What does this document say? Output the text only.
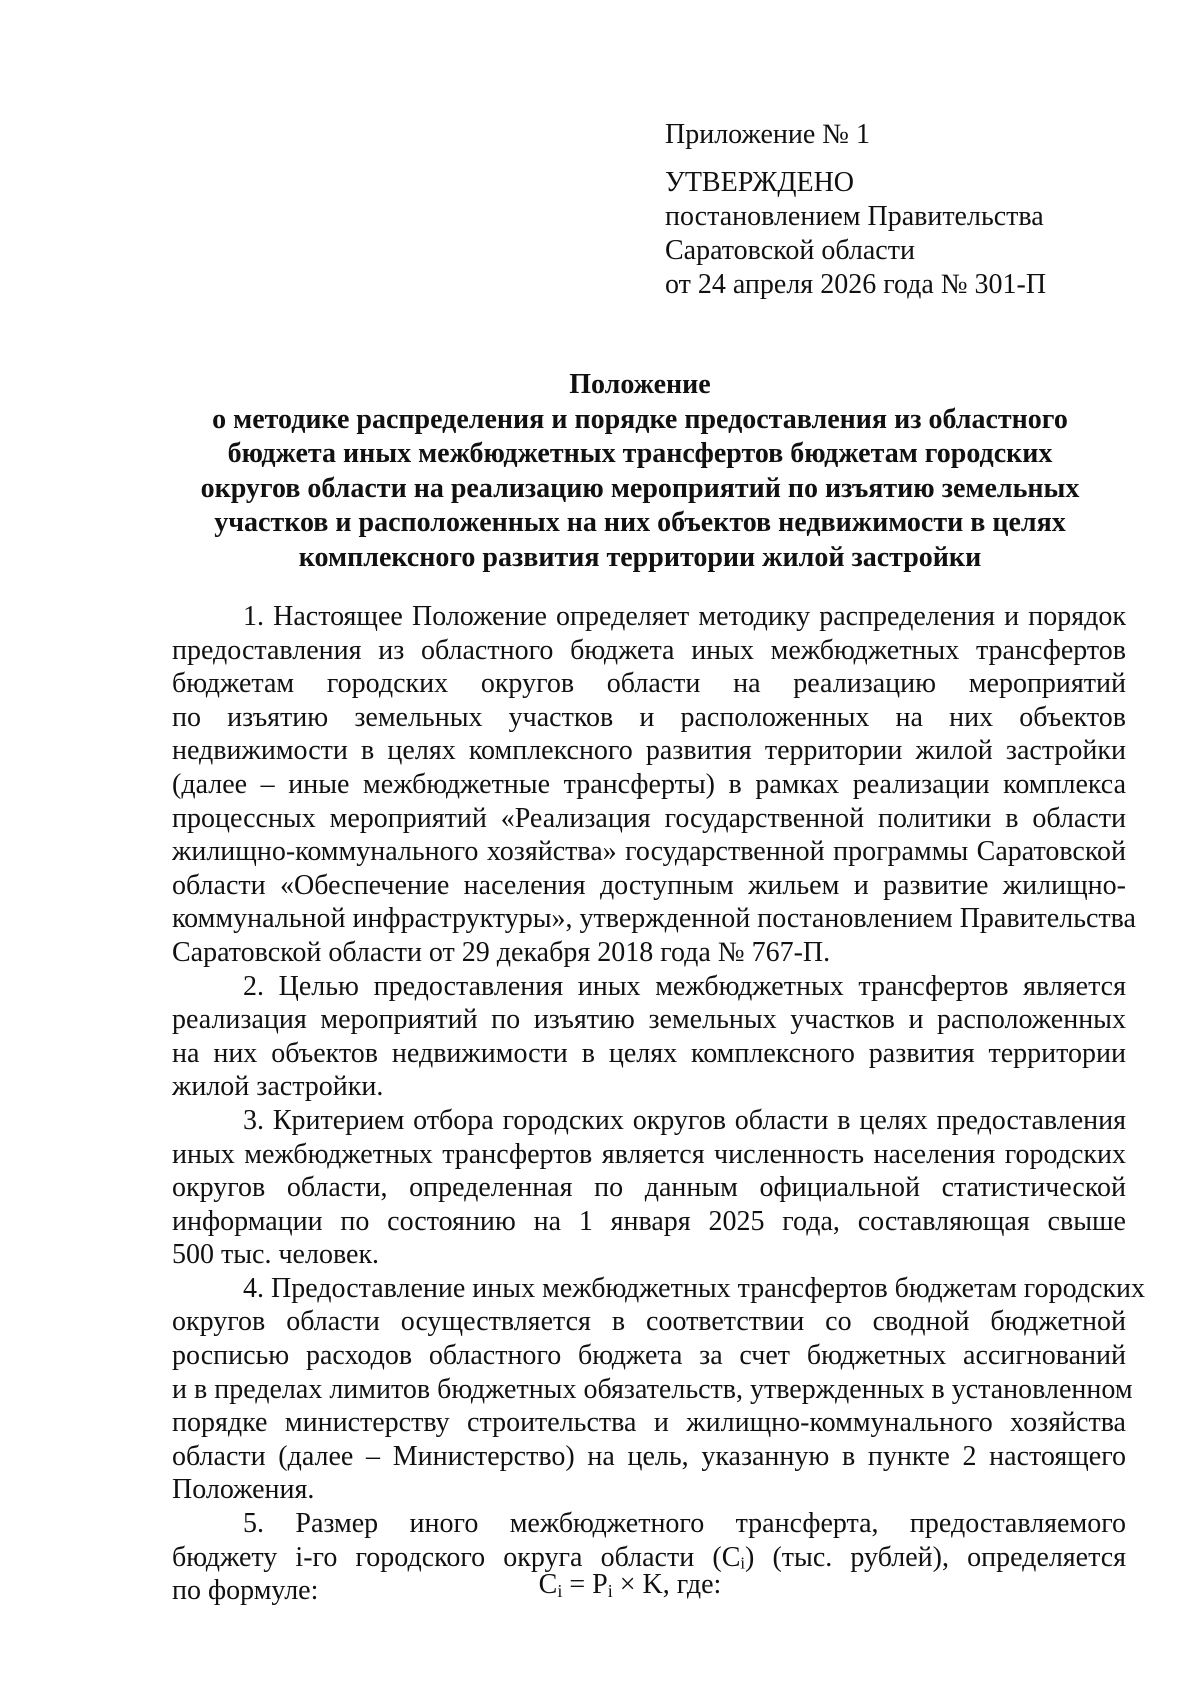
Приложение № 1
УТВЕРЖДЕНО
постановлением Правительства
Саратовской области
от 24 апреля 2026 года № 301-П
Положение
о методике распределения и порядке предоставления из областного
бюджета иных межбюджетных трансфертов бюджетам городских
округов области на реализацию мероприятий по изъятию земельных
участков и расположенных на них объектов недвижимости в целях
комплексного развития территории жилой застройки

1. Настоящее Положение определяет методику распределения и порядок
предоставления из областного бюджета иных межбюджетных трансфертов
бюджетам городских округов области на реализацию мероприятий
по изъятию земельных участков и расположенных на них объектов
недвижимости в целях комплексного развития территории жилой застройки
(далее – иные межбюджетные трансферты) в рамках реализации комплекса
процессных мероприятий «Реализация государственной политики в области
жилищно-коммунального хозяйства» государственной программы Саратовской
области «Обеспечение населения доступным жильем и развитие жилищно-
коммунальной инфраструктуры», утвержденной постановлением Правительства
Саратовской области от 29 декабря 2018 года № 767-П.

2. Целью предоставления иных межбюджетных трансфертов является
реализация мероприятий по изъятию земельных участков и расположенных
на них объектов недвижимости в целях комплексного развития территории
жилой застройки.

3. Критерием отбора городских округов области в целях предоставления
иных межбюджетных трансфертов является численность населения городских
округов области, определенная по данным официальной статистической
информации по состоянию на 1 января 2025 года, составляющая свыше
500 тыс. человек.

4. Предоставление иных межбюджетных трансфертов бюджетам городских
округов области осуществляется в соответствии со сводной бюджетной
росписью расходов областного бюджета за счет бюджетных ассигнований
и в пределах лимитов бюджетных обязательств, утвержденных в установленном
порядке министерству строительства и жилищно-коммунального хозяйства
области (далее – Министерство) на цель, указанную в пункте 2 настоящего
Положения.

5. Размер иного межбюджетного трансферта, предоставляемого
бюджету i-го городского округа области (Cᵢ) (тыс. рублей), определяется
по формуле:	$C_i = P_i \times K$, где:
